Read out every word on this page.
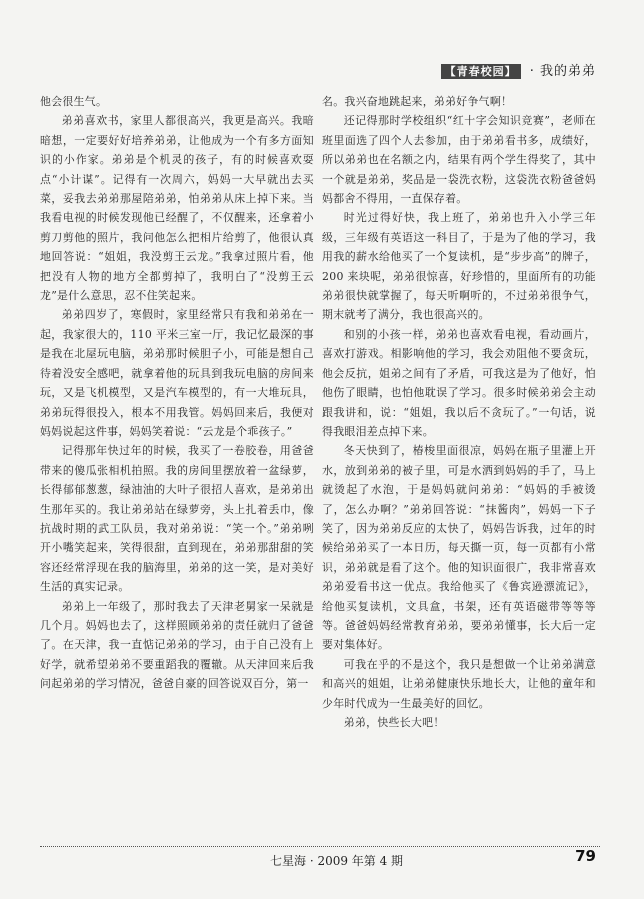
【青春校园】 · 我的弟弟

他会很生气。

弟弟喜欢书，家里人都很高兴，我更是高兴。我暗暗想，一定要好好培养弟弟，让他成为一个有多方面知识的小作家。弟弟是个机灵的孩子，有的时候喜欢耍点“小计谋”。记得有一次周六，妈妈一大早就出去买菜，妥我去弟弟那屋陪弟弟，怕弟弟从床上掉下来。当我看电视的时候发现他已经醒了，不仅醒来，还拿着小剪刀剪他的照片，我问他怎么把相片给剪了，他很认真地回答说：“姐姐，我没剪王云龙。”我拿过照片看，他把没有人物的地方全都剪掉了，我明白了“没剪王云龙”是什么意思，忍不住笑起来。

弟弟四岁了，寒假时，家里经常只有我和弟弟在一起，我家很大的，110 平米三室一厅，我记忆最深的事是我在北屋玩电脑，弟弟那时候胆子小，可能是想自己待着没安全感吧，就拿着他的玩具到我玩电脑的房间来玩，又是飞机模型，又是汽车模型的，有一大堆玩具，弟弟玩得很投入，根本不用我管。妈妈回来后，我便对妈妈说起这件事，妈妈笑着说：“云龙是个乖孩子。”

记得那年快过年的时候，我买了一卷胶卷，用爸爸带来的傻瓜张相机拍照。我的房间里摆放着一盆绿萝，长得郁郁葱葱，绿油油的大叶子很招人喜欢，是弟弟出生那年买的。我让弟弟站在绿萝旁，头上扎着丢巾，像抗战时期的武工队员，我对弟弟说：“笑一个。”弟弟咧开小嘴笑起来，笑得很甜，直到现在，弟弟那甜甜的笑容还经常浮现在我的脑海里，弟弟的这一笑，是对美好生活的真实记录。

弟弟上一年级了，那时我去了天津老舅家一呆就是几个月。妈妈也去了，这样照顾弟弟的责任就归了爸爸了。在天津，我一直惦记弟弟的学习，由于自己没有上好学，就希望弟弟不要重蹈我的覆辙。从天津回来后我问起弟弟的学习情况，爸爸自豪的回答说双百分，第一

名。我兴奋地跳起来，弟弟好争气啊！

还记得那时学校组织“红十字会知识竞赛”，老师在班里面选了四个人去参加，由于弟弟看书多，成绩好，所以弟弟也在名额之内，结果有两个学生得奖了，其中一个就是弟弟，奖品是一袋洗衣粉，这袋洗衣粉爸爸妈妈都舍不得用，一直保存着。

时光过得好快，我上班了，弟弟也升入小学三年级，三年级有英语这一科目了，于是为了他的学习，我用我的薪水给他买了一个复读机，是“步步高”的牌子，200 来块呢，弟弟很惊喜，好珍惜的，里面所有的功能弟弟很快就掌握了，每天听啊听的，不过弟弟很争气，期末就考了满分，我也很高兴的。

和别的小孩一样，弟弟也喜欢看电视，看动画片，喜欢打游戏。相影响他的学习，我会劝阻他不要贪玩，他会反抗，姐弟之间有了矛盾，可我这是为了他好，怕他伤了眼睛，也怕他耽误了学习。很多时候弟弟会主动跟我讲和，说：“姐姐，我以后不贪玩了。”一句话，说得我眼泪差点掉下来。

冬天快到了，椿梭里面很凉，妈妈在瓶子里灌上开水，放到弟弟的被子里，可是水洒到妈妈的手了，马上就烫起了水泡，于是妈妈就问弟弟：“妈妈的手被烫了，怎么办啊？”弟弟回答说：“抹酱肉”，妈妈一下子笑了，因为弟弟反应的太快了，妈妈告诉我，过年的时候给弟弟买了一本日历，每天撕一页，每一页都有小常识，弟弟就是看了这个。他的知识面很广，我非常喜欢弟弟爱看书这一优点。我给他买了《鲁宾逊漂流记》，给他买复读机，文具盒，书架，还有英语磁带等等等等。爸爸妈妈经常教育弟弟，要弟弟懂事，长大后一定要对集体好。

可我在乎的不是这个，我只是想做一个让弟弟满意和高兴的姐姐，让弟弟健康快乐地长大，让他的童年和少年时代成为一生最美好的回忆。

弟弟，快些长大吧！

七星海 · 2009 年第 4 期	79
